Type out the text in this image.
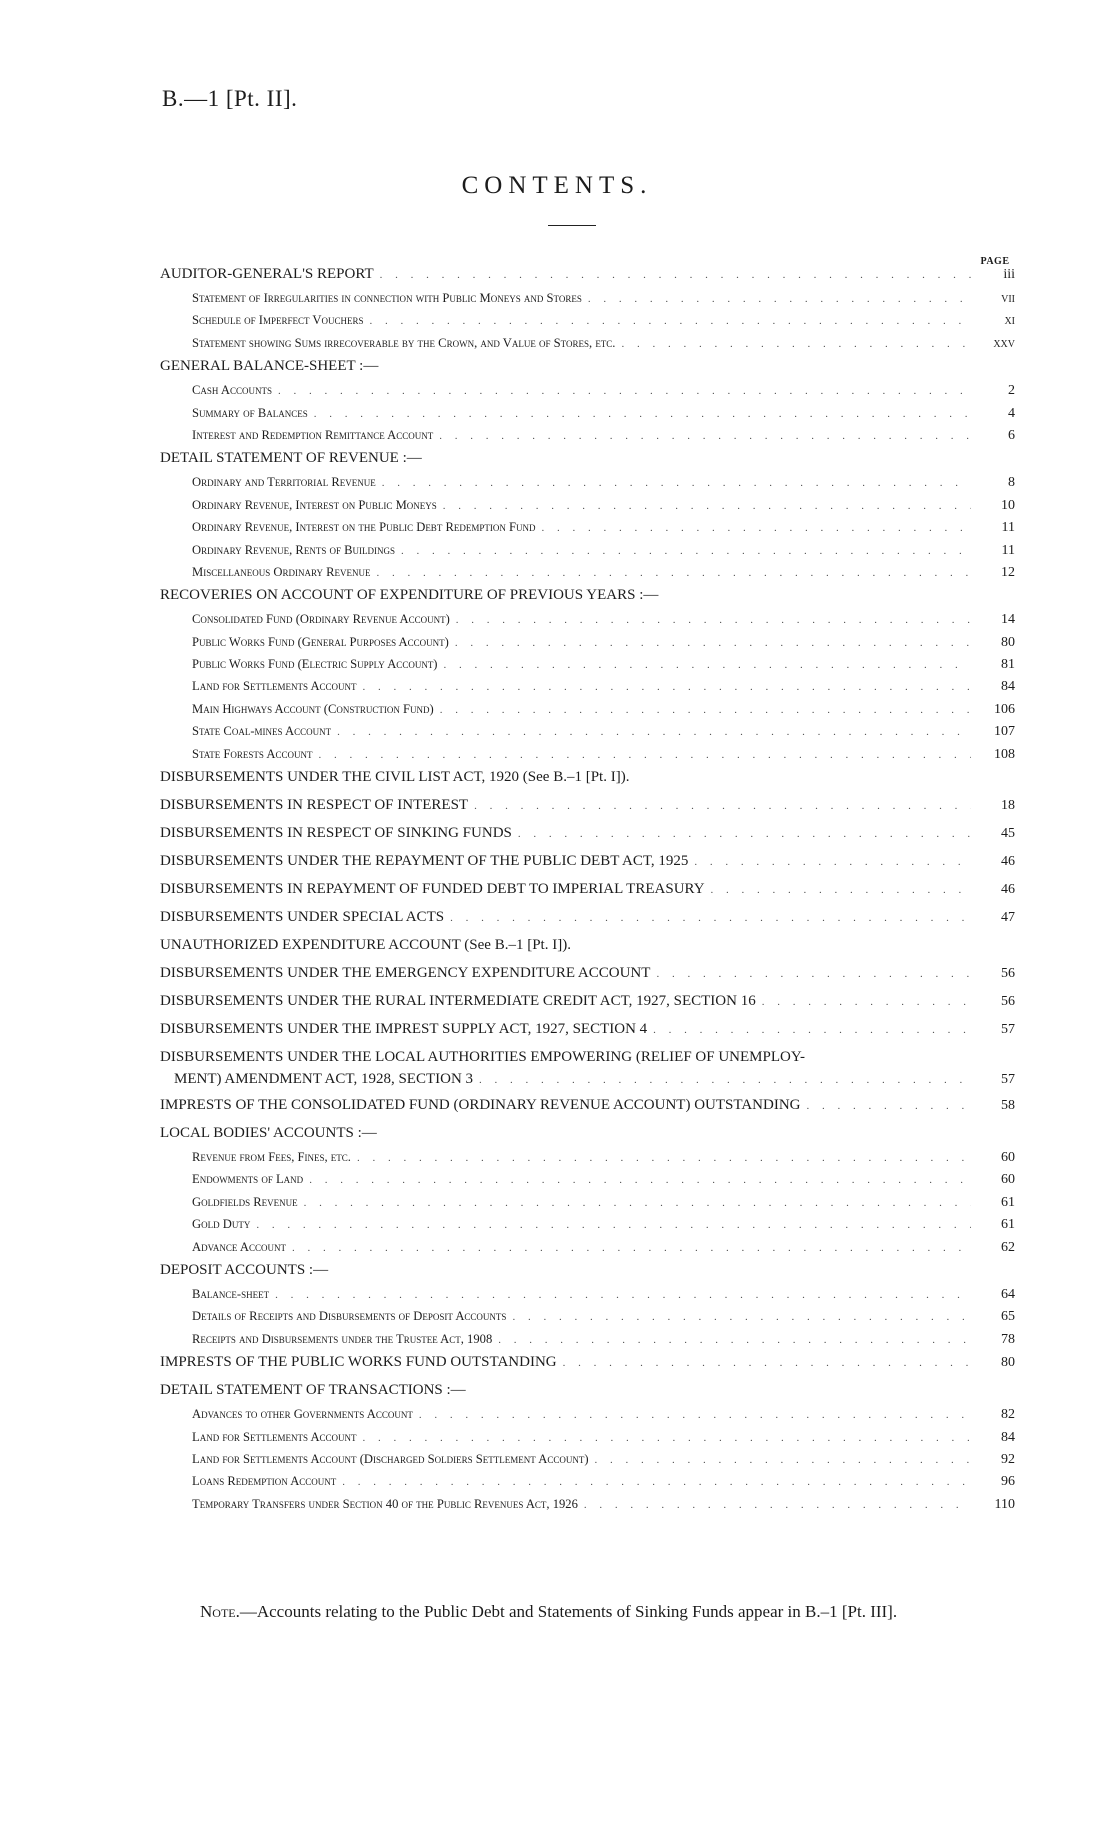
B.—1 [Pt. II].
CONTENTS.
PAGE
AUDITOR-GENERAL'S REPORT . . .	iii
Statement of Irregularities in connection with Public Moneys and Stores . . .	vii
Schedule of Imperfect Vouchers . . .	xi
Statement showing Sums irrecoverable by the Crown, and Value of Stores, etc. . . .	xxv
GENERAL BALANCE-SHEET :—
Cash Accounts . . .	2
Summary of Balances . . .	4
Interest and Redemption Remittance Account . . .	6
DETAIL STATEMENT OF REVENUE :—
Ordinary and Territorial Revenue . . .	8
Ordinary Revenue, Interest on Public Moneys . . .	10
Ordinary Revenue, Interest on the Public Debt Redemption Fund . . .	11
Ordinary Revenue, Rents of Buildings . . .	11
Miscellaneous Ordinary Revenue . . .	12
RECOVERIES ON ACCOUNT OF EXPENDITURE OF PREVIOUS YEARS :—
Consolidated Fund (Ordinary Revenue Account) . . .	14
Public Works Fund (General Purposes Account) . . .	80
Public Works Fund (Electric Supply Account) . . .	81
Land for Settlements Account . . .	84
Main Highways Account (Construction Fund) . . .	106
State Coal-mines Account . . .	107
State Forests Account . . .	108
DISBURSEMENTS UNDER THE CIVIL LIST ACT, 1920 (See B.–1 [Pt. I]).
DISBURSEMENTS IN RESPECT OF INTEREST . . .	18
DISBURSEMENTS IN RESPECT OF SINKING FUNDS . . .	45
DISBURSEMENTS UNDER THE REPAYMENT OF THE PUBLIC DEBT ACT, 1925 . . .	46
DISBURSEMENTS IN REPAYMENT OF FUNDED DEBT TO IMPERIAL TREASURY . . .	46
DISBURSEMENTS UNDER SPECIAL ACTS . . .	47
UNAUTHORIZED EXPENDITURE ACCOUNT (See B.–1 [Pt. I]).
DISBURSEMENTS UNDER THE EMERGENCY EXPENDITURE ACCOUNT . . .	56
DISBURSEMENTS UNDER THE RURAL INTERMEDIATE CREDIT ACT, 1927, SECTION 16 . . .	56
DISBURSEMENTS UNDER THE IMPREST SUPPLY ACT, 1927, SECTION 4 . . .	57
DISBURSEMENTS UNDER THE LOCAL AUTHORITIES EMPOWERING (RELIEF OF UNEMPLOY-
MENT) AMENDMENT ACT, 1928, SECTION 3 . . .	57
IMPRESTS OF THE CONSOLIDATED FUND (ORDINARY REVENUE ACCOUNT) OUTSTANDING . . .	58
LOCAL BODIES' ACCOUNTS :—
Revenue from Fees, Fines, etc. . . .	60
Endowments of Land . . .	60
Goldfields Revenue . . .	61
Gold Duty . . .	61
Advance Account . . .	62
DEPOSIT ACCOUNTS :—
Balance-sheet . . .	64
Details of Receipts and Disbursements of Deposit Accounts . . .	65
Receipts and Disbursements under the Trustee Act, 1908 . . .	78
IMPRESTS OF THE PUBLIC WORKS FUND OUTSTANDING . . .	80
DETAIL STATEMENT OF TRANSACTIONS :—
Advances to other Governments Account . . .	82
Land for Settlements Account . . .	84
Land for Settlements Account (Discharged Soldiers Settlement Account) . . .	92
Loans Redemption Account . . .	96
Temporary Transfers under Section 40 of the Public Revenues Act, 1926 . . .	110
Note.—Accounts relating to the Public Debt and Statements of Sinking Funds appear in B.–1 [Pt. III].
